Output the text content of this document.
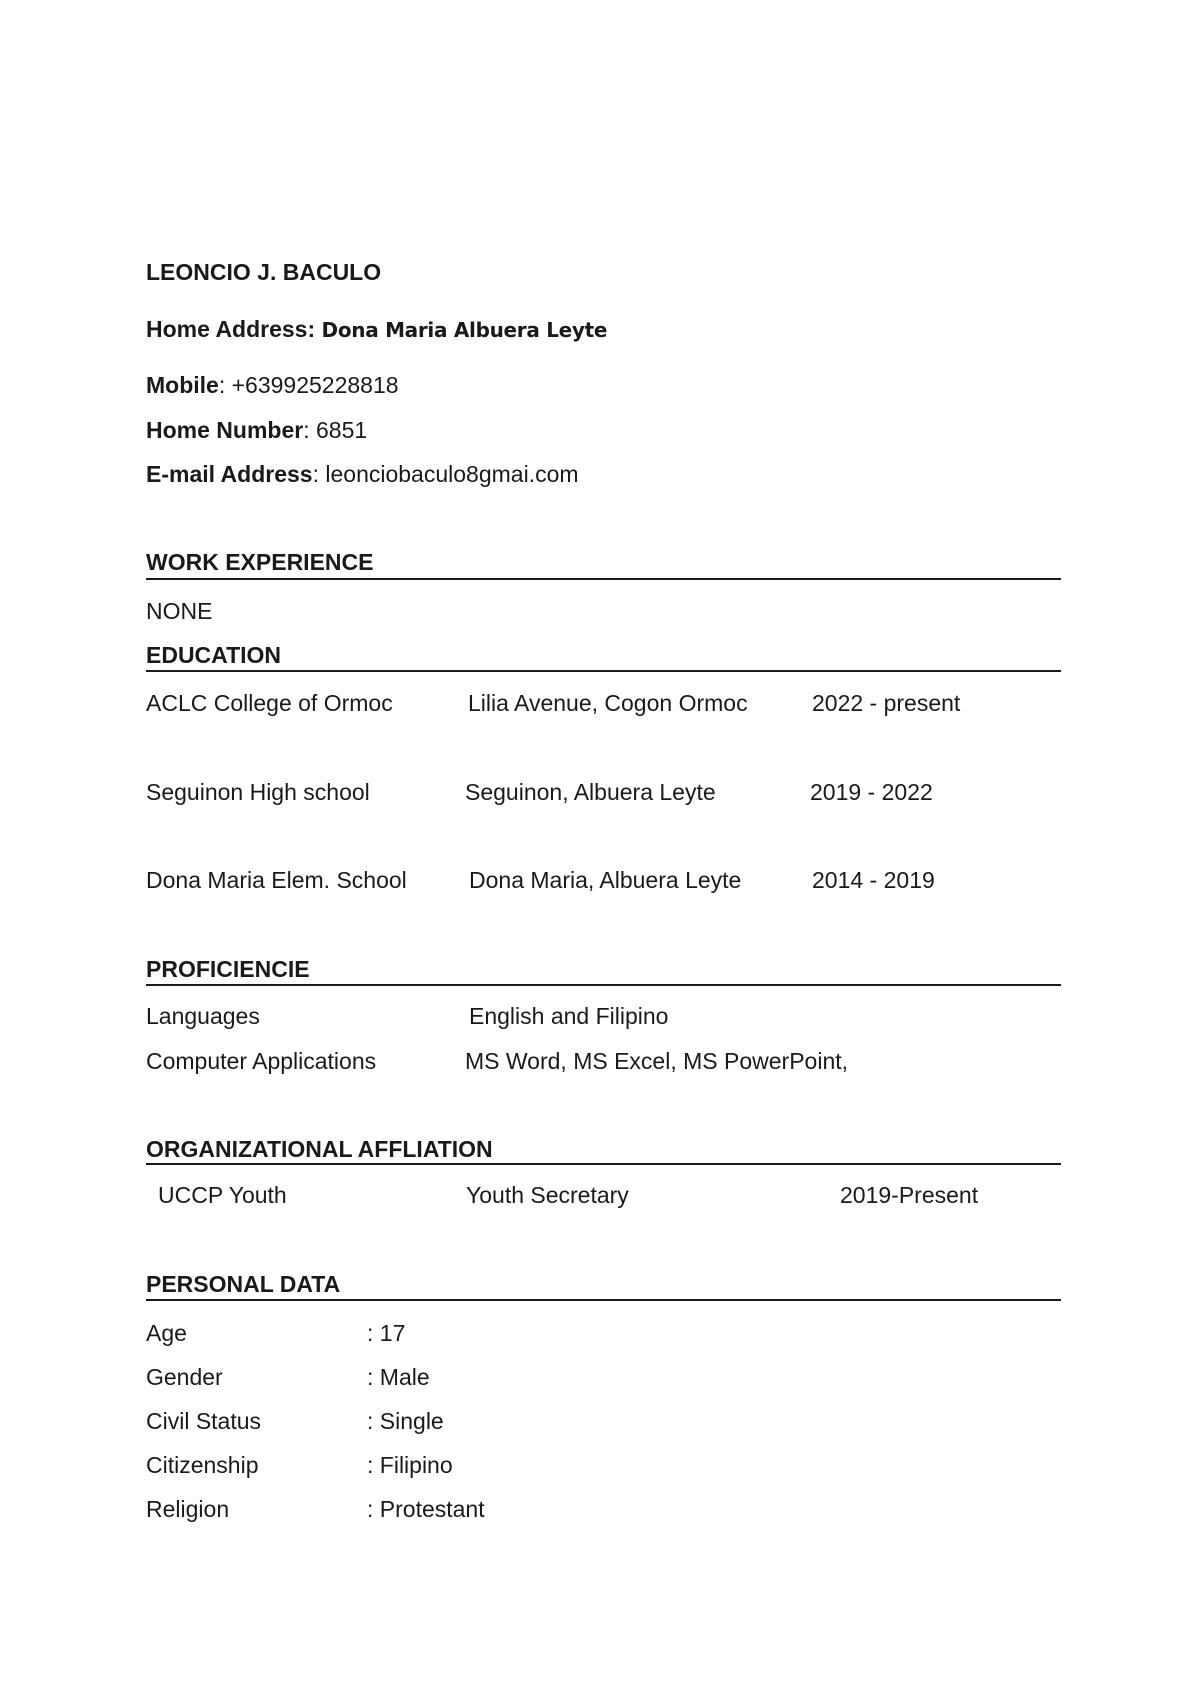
LEONCIO J. BACULO
Home Address: Dona Maria Albuera Leyte
Mobile: +639925228818
Home Number: 6851
E-mail Address: leonciobaculo8gmai.com
WORK EXPERIENCE
NONE
EDUCATION
ACLC College of Ormoc	Lilia Avenue, Cogon Ormoc	2022 - present
Seguinon High school	Seguinon, Albuera Leyte	2019 - 2022
Dona Maria Elem. School	Dona Maria, Albuera Leyte	2014 - 2019
PROFICIENCIE
Languages	English and Filipino
Computer Applications	MS Word, MS Excel, MS PowerPoint,
ORGANIZATIONAL AFFLIATION
UCCP Youth	Youth Secretary	2019-Present
PERSONAL DATA
Age	: 17
Gender	: Male
Civil Status	: Single
Citizenship	: Filipino
Religion	: Protestant
